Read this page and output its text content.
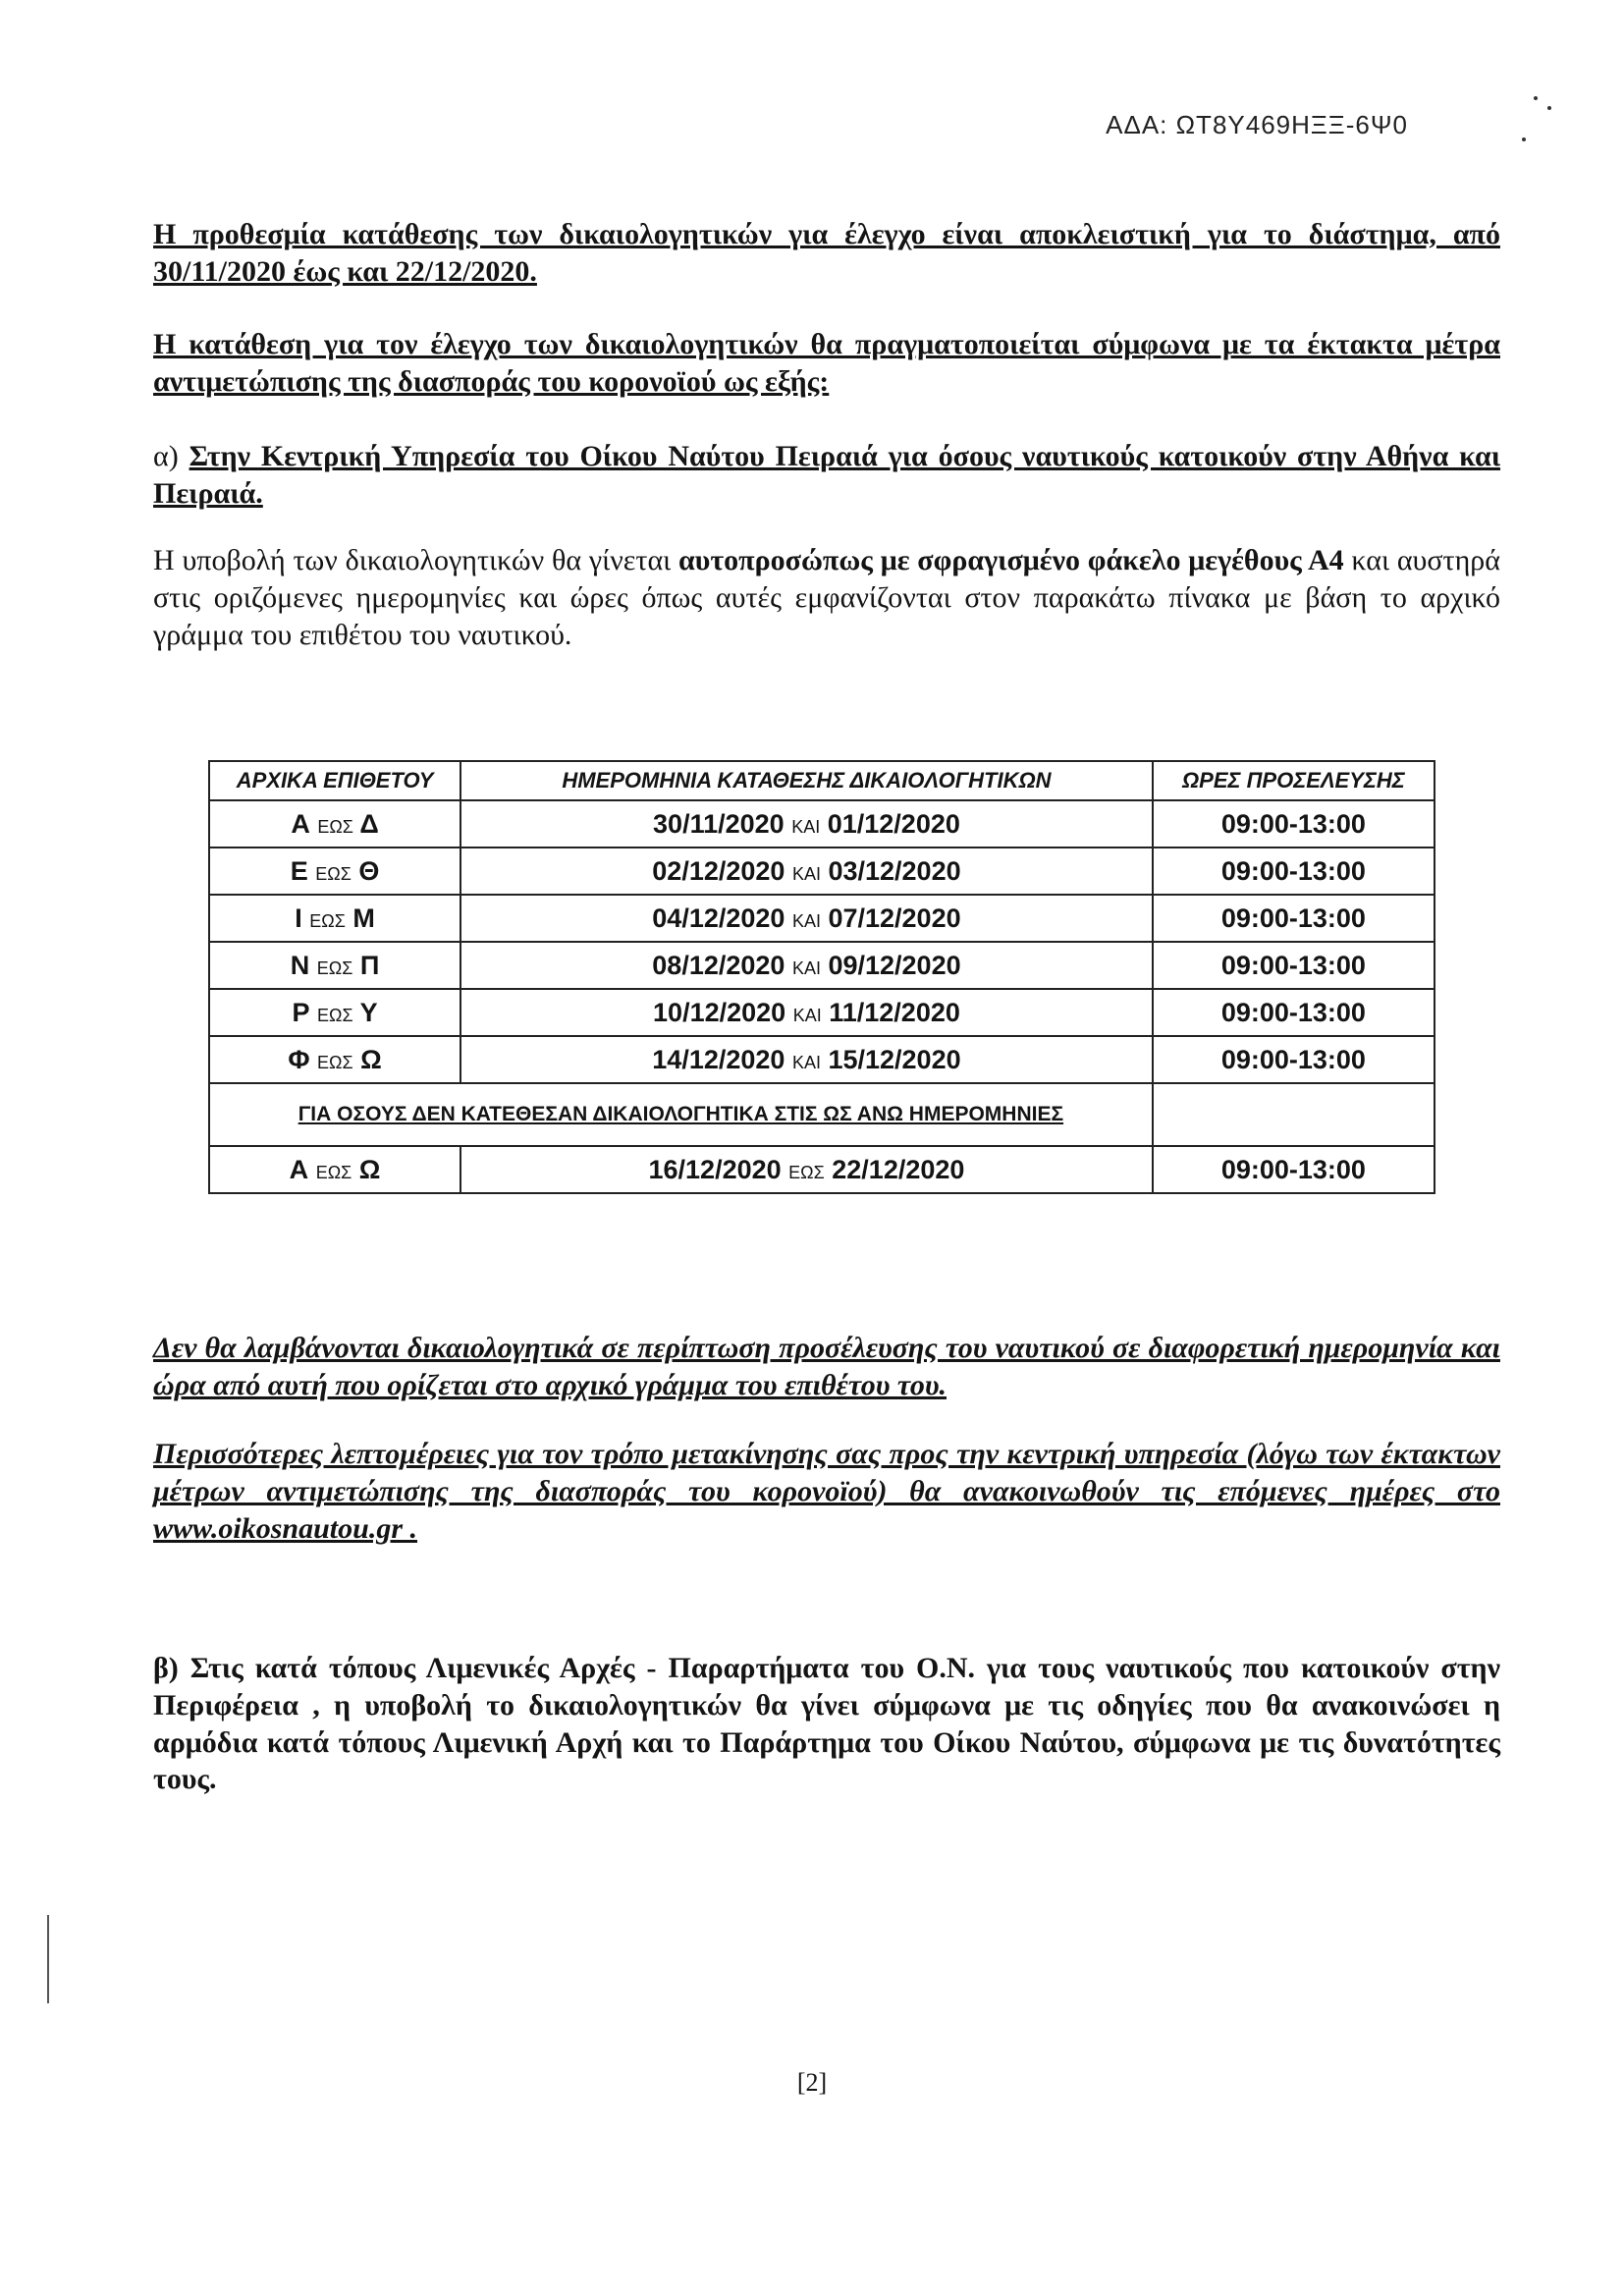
ΑΔΑ: ΩΤ8Υ469ΗΞΞ-6Ψ0

Η προθεσμία κατάθεσης των δικαιολογητικών για έλεγχο είναι αποκλειστική για το διάστημα, από 30/11/2020 έως και 22/12/2020.

Η κατάθεση για τον έλεγχο των δικαιολογητικών θα πραγματοποιείται σύμφωνα με τα έκτακτα μέτρα αντιμετώπισης της διασποράς του κορονοϊού ως εξής:

α) Στην Κεντρική Υπηρεσία του Οίκου Ναύτου Πειραιά για όσους ναυτικούς κατοικούν στην Αθήνα και Πειραιά.

Η υποβολή των δικαιολογητικών θα γίνεται αυτοπροσώπως με σφραγισμένο φάκελο μεγέθους Α4 και αυστηρά στις οριζόμενες ημερομηνίες και ώρες όπως αυτές εμφανίζονται στον παρακάτω πίνακα με βάση το αρχικό γράμμα του επιθέτου του ναυτικού.

ΑΡΧΙΚΑ ΕΠΙΘΕΤΟΥ	ΗΜΕΡΟΜΗΝΙΑ ΚΑΤΑΘΕΣΗΣ ΔΙΚΑΙΟΛΟΓΗΤΙΚΩΝ	ΩΡΕΣ ΠΡΟΣΕΛΕΥΣΗΣ
Α ΕΩΣ Δ	30/11/2020 ΚΑΙ 01/12/2020	09:00-13:00
Ε ΕΩΣ Θ	02/12/2020 ΚΑΙ 03/12/2020	09:00-13:00
Ι ΕΩΣ Μ	04/12/2020 ΚΑΙ 07/12/2020	09:00-13:00
Ν ΕΩΣ Π	08/12/2020 ΚΑΙ 09/12/2020	09:00-13:00
Ρ ΕΩΣ Υ	10/12/2020 ΚΑΙ 11/12/2020	09:00-13:00
Φ ΕΩΣ Ω	14/12/2020 ΚΑΙ 15/12/2020	09:00-13:00
ΓΙΑ ΟΣΟΥΣ ΔΕΝ ΚΑΤΕΘΕΣΑΝ ΔΙΚΑΙΟΛΟΓΗΤΙΚΑ ΣΤΙΣ ΩΣ ΑΝΩ ΗΜΕΡΟΜΗΝΙΕΣ		
Α ΕΩΣ Ω	16/12/2020 ΕΩΣ 22/12/2020	09:00-13:00

Δεν θα λαμβάνονται δικαιολογητικά σε περίπτωση προσέλευσης του ναυτικού σε διαφορετική ημερομηνία και ώρα από αυτή που ορίζεται στο αρχικό γράμμα του επιθέτου του.

Περισσότερες λεπτομέρειες για τον τρόπο μετακίνησης σας προς την κεντρική υπηρεσία (λόγω των έκτακτων μέτρων αντιμετώπισης της διασποράς του κορονοϊού) θα ανακοινωθούν τις επόμενες ημέρες στο www.oikosnautou.gr .

β) Στις κατά τόπους Λιμενικές Αρχές - Παραρτήματα του Ο.Ν. για τους ναυτικούς που κατοικούν στην Περιφέρεια , η υποβολή το δικαιολογητικών θα γίνει σύμφωνα με τις οδηγίες που θα ανακοινώσει η αρμόδια κατά τόπους Λιμενική Αρχή και το Παράρτημα του Οίκου Ναύτου, σύμφωνα με τις δυνατότητες τους.

[2]
